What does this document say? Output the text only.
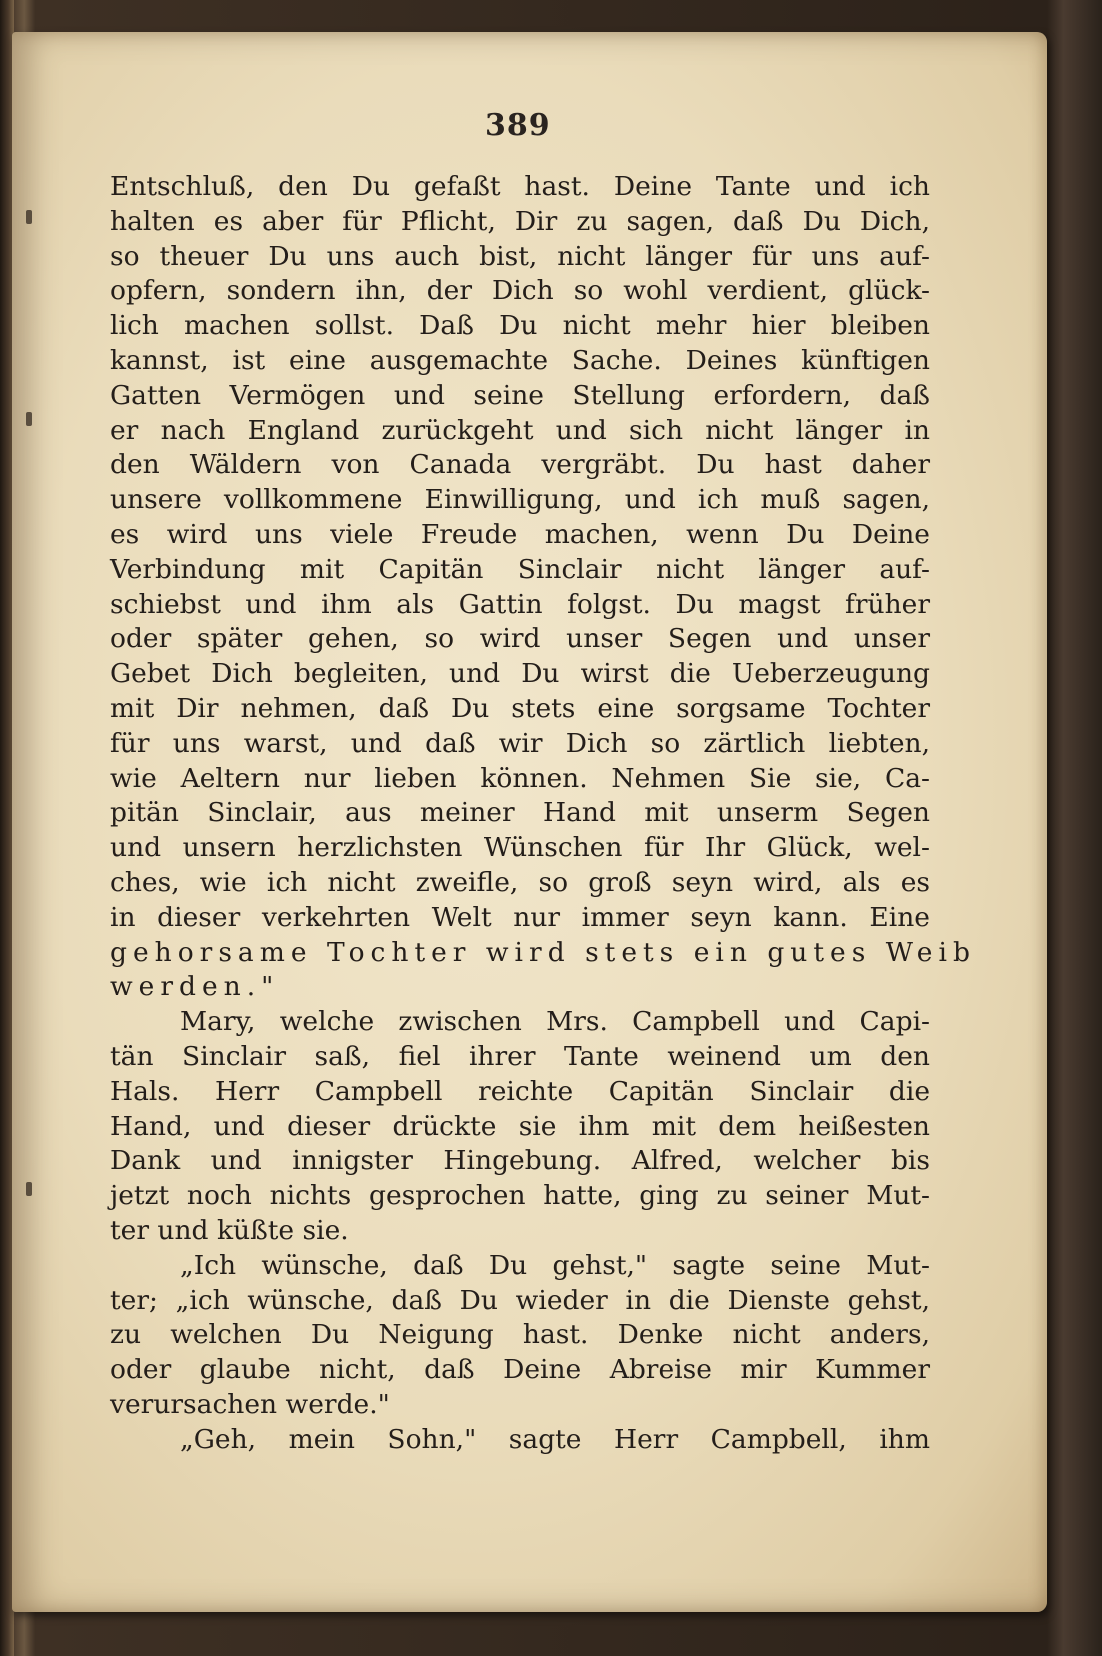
389
Entschluß, den Du gefaßt hast. Deine Tante und ich
halten es aber für Pflicht, Dir zu sagen, daß Du Dich,
so theuer Du uns auch bist, nicht länger für uns auf-
opfern, sondern ihn, der Dich so wohl verdient, glück-
lich machen sollst. Daß Du nicht mehr hier bleiben
kannst, ist eine ausgemachte Sache. Deines künftigen
Gatten Vermögen und seine Stellung erfordern, daß
er nach England zurückgeht und sich nicht länger in
den Wäldern von Canada vergräbt. Du hast daher
unsere vollkommene Einwilligung, und ich muß sagen,
es wird uns viele Freude machen, wenn Du Deine
Verbindung mit Capitän Sinclair nicht länger auf-
schiebst und ihm als Gattin folgst. Du magst früher
oder später gehen, so wird unser Segen und unser
Gebet Dich begleiten, und Du wirst die Ueberzeugung
mit Dir nehmen, daß Du stets eine sorgsame Tochter
für uns warst, und daß wir Dich so zärtlich liebten,
wie Aeltern nur lieben können. Nehmen Sie sie, Ca-
pitän Sinclair, aus meiner Hand mit unserm Segen
und unsern herzlichsten Wünschen für Ihr Glück, wel-
ches, wie ich nicht zweifle, so groß seyn wird, als es
in dieser verkehrten Welt nur immer seyn kann. Eine
gehorsame Tochter wird stets ein gutes Weib
werden."
Mary, welche zwischen Mrs. Campbell und Capi-
tän Sinclair saß, fiel ihrer Tante weinend um den
Hals. Herr Campbell reichte Capitän Sinclair die
Hand, und dieser drückte sie ihm mit dem heißesten
Dank und innigster Hingebung. Alfred, welcher bis
jetzt noch nichts gesprochen hatte, ging zu seiner Mut-
ter und küßte sie.
„Ich wünsche, daß Du gehst," sagte seine Mut-
ter; „ich wünsche, daß Du wieder in die Dienste gehst,
zu welchen Du Neigung hast. Denke nicht anders,
oder glaube nicht, daß Deine Abreise mir Kummer
verursachen werde."
„Geh, mein Sohn," sagte Herr Campbell, ihm
